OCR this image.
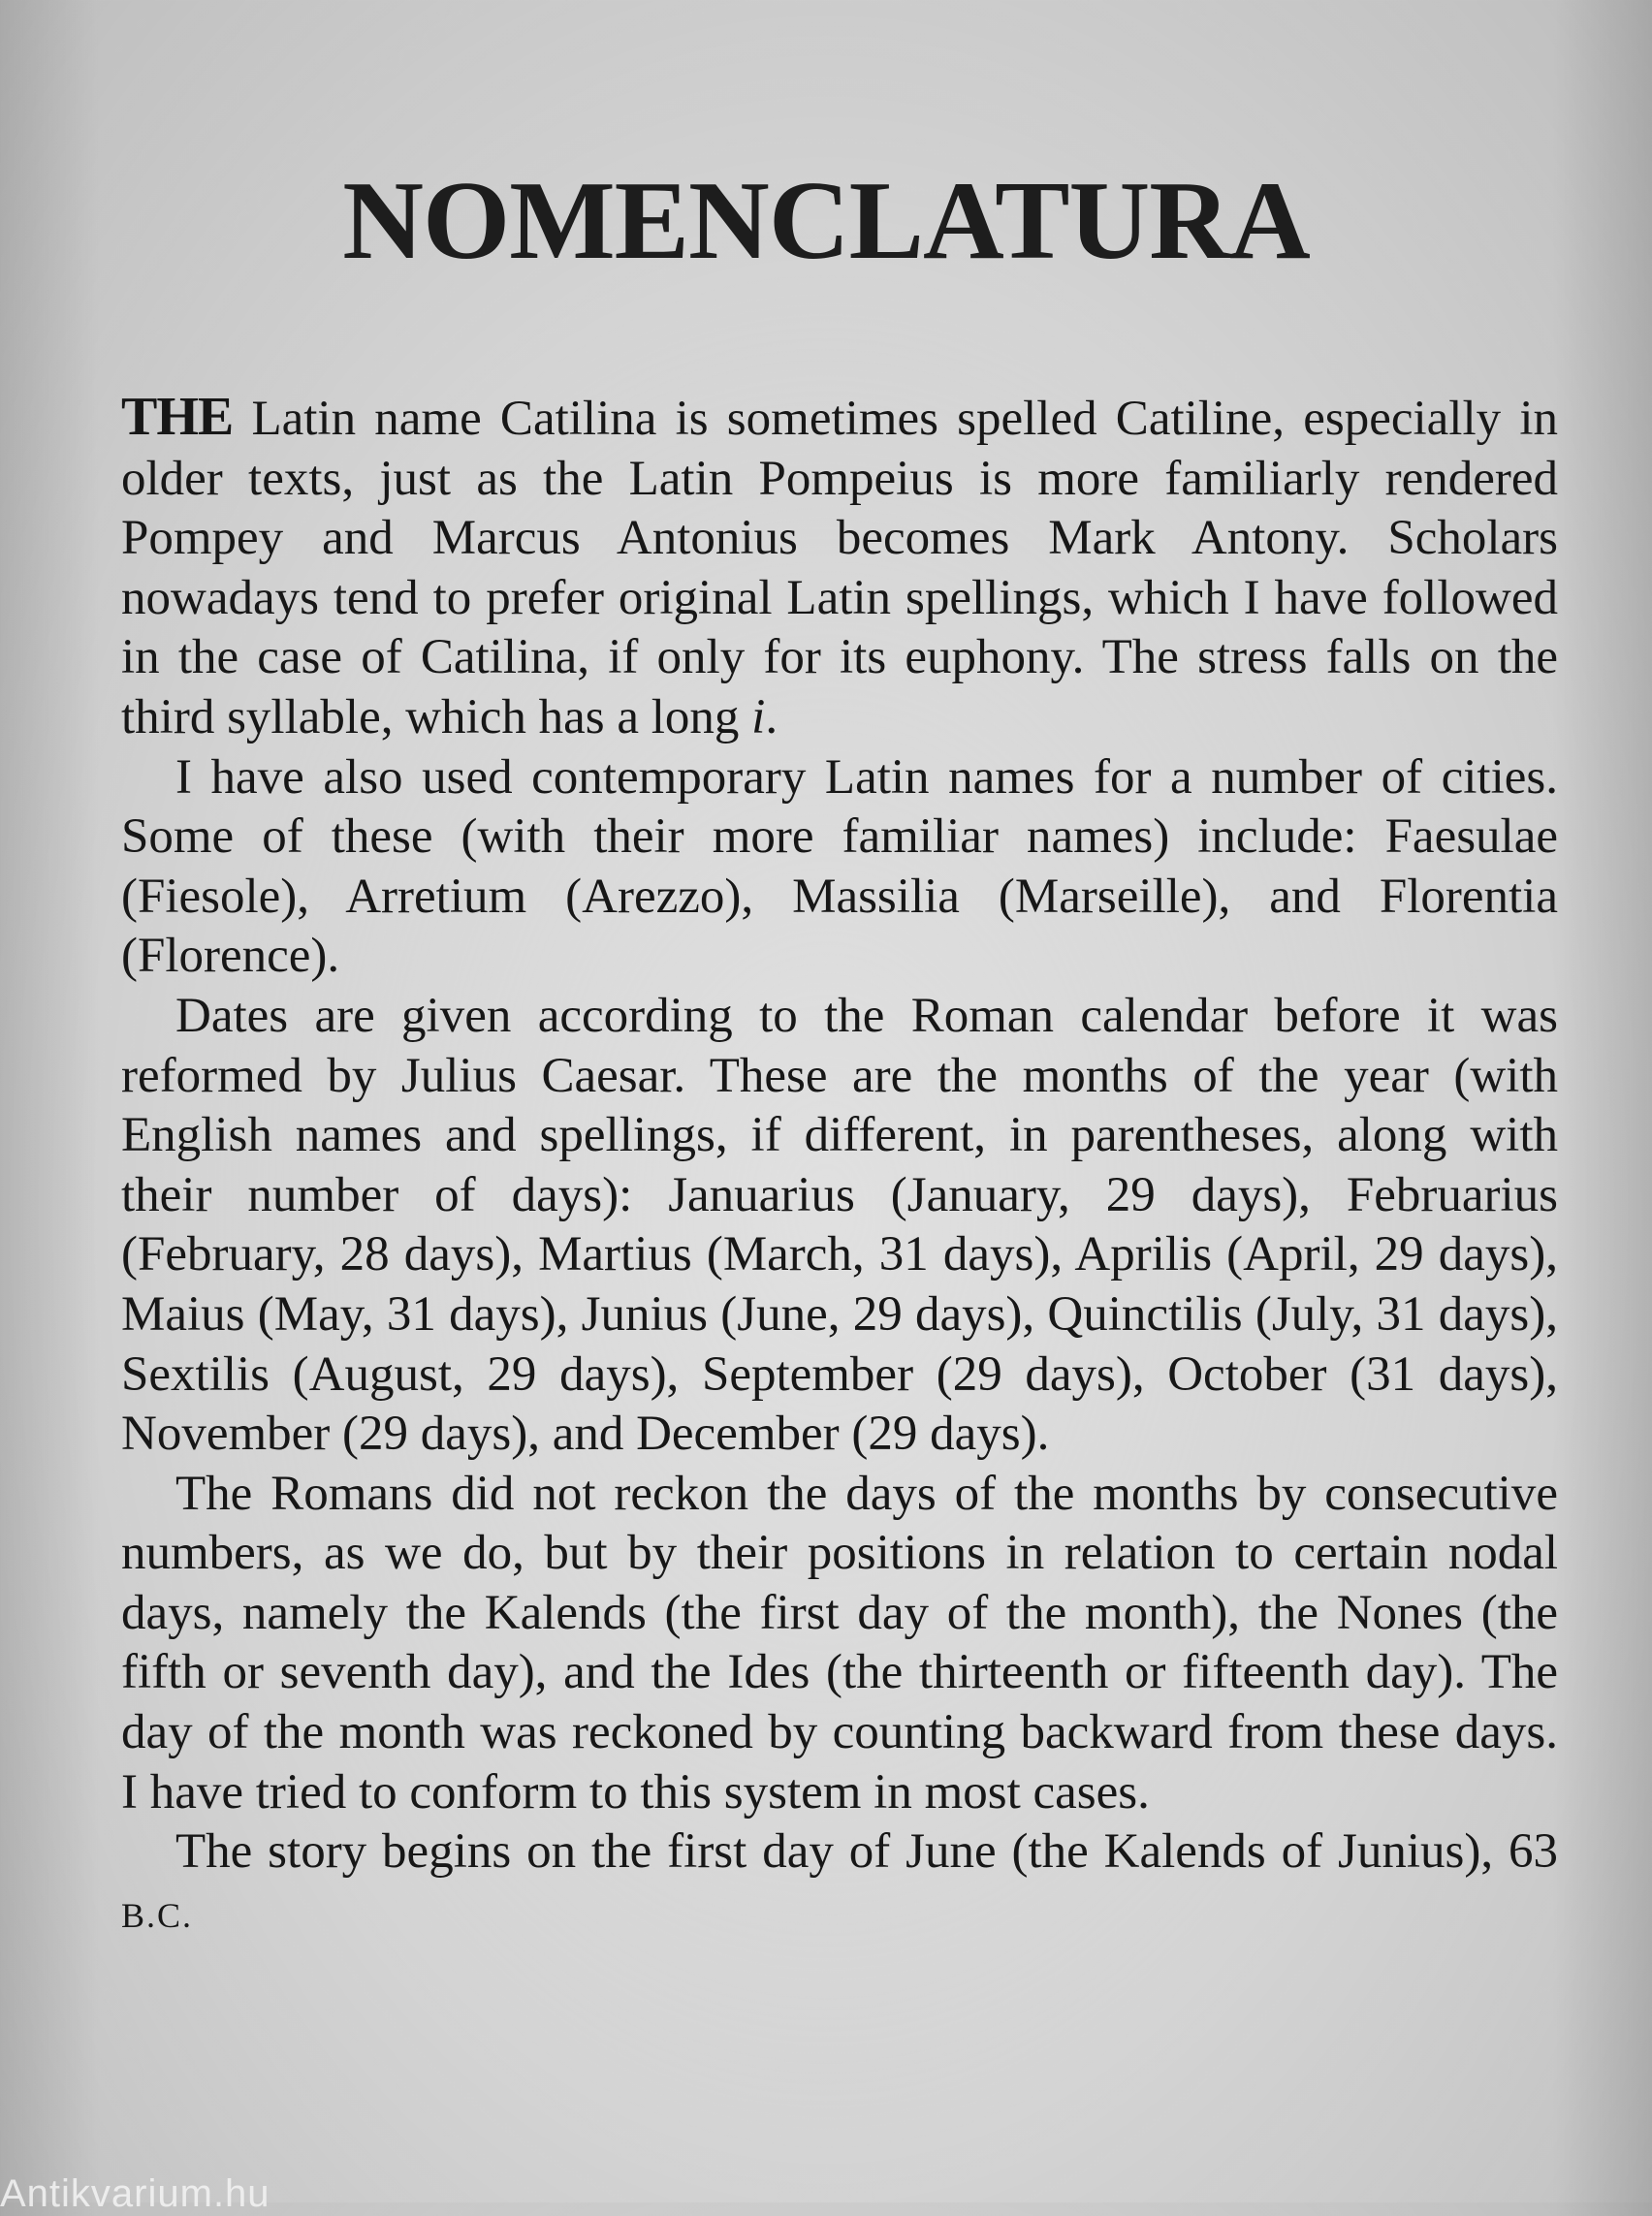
NOMENCLATURA

THE Latin name Catilina is sometimes spelled Catiline, especially in older texts, just as the Latin Pompeius is more familiarly rendered Pompey and Marcus Antonius becomes Mark Antony. Scholars nowadays tend to prefer original Latin spellings, which I have followed in the case of Catilina, if only for its euphony. The stress falls on the third syllable, which has a long i.

I have also used contemporary Latin names for a number of cities. Some of these (with their more familiar names) include: Faesulae (Fiesole), Arretium (Arezzo), Massilia (Marseille), and Florentia (Florence).

Dates are given according to the Roman calendar before it was reformed by Julius Caesar. These are the months of the year (with English names and spellings, if different, in parentheses, along with their number of days): Januarius (January, 29 days), Februarius (February, 28 days), Martius (March, 31 days), Aprilis (April, 29 days), Maius (May, 31 days), Junius (June, 29 days), Quinctilis (July, 31 days), Sextilis (August, 29 days), September (29 days), October (31 days), November (29 days), and December (29 days).

The Romans did not reckon the days of the months by consecutive numbers, as we do, but by their positions in relation to certain nodal days, namely the Kalends (the first day of the month), the Nones (the fifth or seventh day), and the Ides (the thirteenth or fifteenth day). The day of the month was reckoned by counting backward from these days. I have tried to conform to this system in most cases.

The story begins on the first day of June (the Kalends of Junius), 63 B.C.

Antikvarium.hu
